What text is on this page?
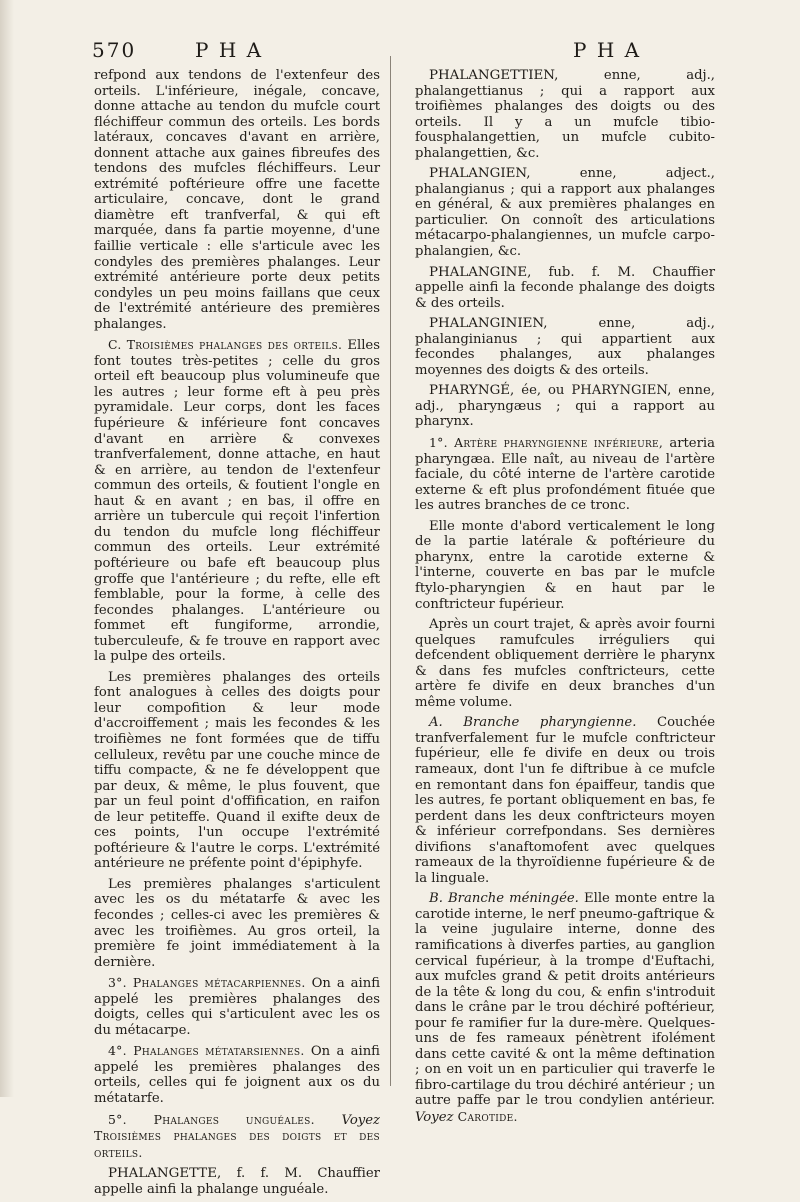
570	P H A	P H A

refpond aux tendons de l'extenfeur des orteils. L'inférieure, inégale, concave, donne attache au tendon du mufcle court fléchiffeur commun des orteils. Les bords latéraux, concaves d'avant en arrière, donnent attache aux gaines fibreufes des tendons des mufcles fléchiffeurs. Leur extrémité poftérieure offre une facette articulaire, concave, dont le grand diamètre eft tranfverfal, & qui eft marquée, dans fa partie moyenne, d'une faillie verticale : elle s'articule avec les condyles des premières phalanges. Leur extrémité antérieure porte deux petits condyles un peu moins faillans que ceux de l'extrémité antérieure des premières phalanges.

C. Troisièmes phalanges des orteils. Elles font toutes très-petites ; celle du gros orteil eft beaucoup plus volumineufe que les autres ; leur forme eft à peu près pyramidale. Leur corps, dont les faces fupérieure & inférieure font concaves d'avant en arrière & convexes tranfverfalement, donne attache, en haut & en arrière, au tendon de l'extenfeur commun des orteils, & foutient l'ongle en haut & en avant ; en bas, il offre en arrière un tubercule qui reçoit l'infertion du tendon du mufcle long fléchiffeur commun des orteils. Leur extrémité poftérieure ou bafe eft beaucoup plus groffe que l'antérieure ; du refte, elle eft femblable, pour la forme, à celle des fecondes phalanges. L'antérieure ou fommet eft fungiforme, arrondie, tuberculeufe, & fe trouve en rapport avec la pulpe des orteils.

Les premières phalanges des orteils font analogues à celles des doigts pour leur compofition & leur mode d'accroiffement ; mais les fecondes & les troifièmes ne font formées que de tiffu celluleux, revêtu par une couche mince de tiffu compacte, & ne fe développent que par deux, & même, le plus fouvent, que par un feul point d'offification, en raifon de leur petiteffe. Quand il exifte deux de ces points, l'un occupe l'extrémité poftérieure & l'autre le corps. L'extrémité antérieure ne préfente point d'épiphyfe.

Les premières phalanges s'articulent avec les os du métatarfe & avec les fecondes ; celles-ci avec les premières & avec les troifièmes. Au gros orteil, la première fe joint immédiatement à la dernière.

3°. Phalanges métacarpiennes. On a ainfi appelé les premières phalanges des doigts, celles qui s'articulent avec les os du métacarpe.

4°. Phalanges métatarsiennes. On a ainfi appelé les premières phalanges des orteils, celles qui fe joignent aux os du métatarfe.

5°. Phalanges unguéales. Voyez Troisièmes phalanges des doigts et des orteils.

PHALANGETTE, f. f. M. Chauffier appelle ainfi la phalange unguéale.

PHALANGETTIEN,	enne, adj., phalangettianus ; qui a rapport aux troifièmes phalanges des doigts ou des orteils. Il y a un mufcle tibio-fousphalangettien, un mufcle cubito-phalangettien, &c.

PHALANGIEN,	enne, adject., phalangianus ; qui a rapport aux phalanges en général, & aux premières phalanges en particulier. On connoît des articulations métacarpo-phalangiennes, un mufcle carpo-phalangien, &c.

PHALANGINE, fub. f. M. Chauffier appelle ainfi la feconde phalange des doigts & des orteils.

PHALANGINIEN,	enne, adj., phalanginianus ; qui appartient aux fecondes phalanges, aux phalanges moyennes des doigts & des orteils.

PHARYNGÉ, ée, ou PHARYNGIEN, enne, adj., pharyngæus ; qui a rapport au pharynx.

1°. Artère pharyngienne inférieure, arteria pharyngæa. Elle naît, au niveau de l'artère faciale, du côté interne de l'artère carotide externe & eft plus profondément fituée que les autres branches de ce tronc.

Elle monte d'abord verticalement le long de la partie latérale & poftérieure du pharynx, entre la carotide externe & l'interne, couverte en bas par le mufcle ftylo-pharyngien & en haut par le conftricteur fupérieur.

Après un court trajet, & après avoir fourni quelques ramufcules irréguliers qui defcendent obliquement derrière le pharynx & dans fes mufcles conftricteurs, cette artère fe divife en deux branches d'un même volume.

A. Branche pharyngienne. Couchée tranfverfalement fur le mufcle conftricteur fupérieur, elle fe divife en deux ou trois rameaux, dont l'un fe diftribue à ce mufcle en remontant dans fon épaiffeur, tandis que les autres, fe portant obliquement en bas, fe perdent dans les deux conftricteurs moyen & inférieur correfpondans. Ses dernières divifions s'anaftomofent avec quelques rameaux de la thyroïdienne fupérieure & de la linguale.

B. Branche méningée. Elle monte entre la carotide interne, le nerf pneumo-gaftrique & la veine jugulaire interne, donne des ramifications à diverfes parties, au ganglion cervical fupérieur, à la trompe d'Euftachi, aux mufcles grand & petit droits antérieurs de la tête & long du cou, & enfin s'introduit dans le crâne par le trou déchiré poftérieur, pour fe ramifier fur la dure-mère. Quelques-uns de fes rameaux pénètrent ifolément dans cette cavité & ont la même deftination ; on en voit un en particulier qui traverfe le fibro-cartilage du trou déchiré antérieur ; un autre paffe par le trou condylien antérieur. Voyez Carotide.
